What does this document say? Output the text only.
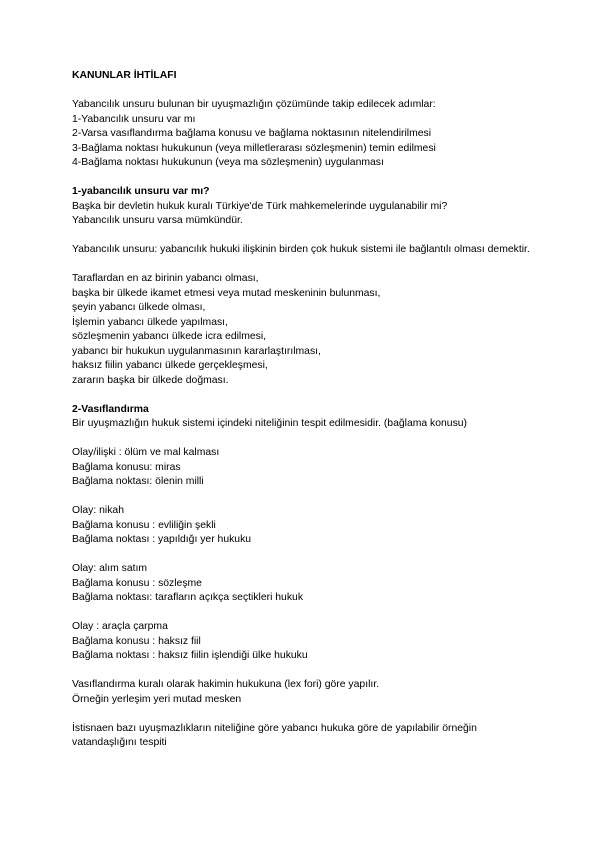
KANUNLAR İHTİLAFI

Yabancılık unsuru bulunan bir uyuşmazlığın çözümünde takip edilecek adımlar:

1-Yabancılık unsuru var mı

2-Varsa vasıflandırma bağlama konusu ve bağlama noktasının nitelendirilmesi

3-Bağlama noktası hukukunun (veya milletlerarası sözleşmenin) temin edilmesi

4-Bağlama noktası hukukunun (veya ma sözleşmenin) uygulanması

1-yabancılık unsuru var mı?

Başka bir devletin hukuk kuralı Türkiye'de Türk mahkemelerinde uygulanabilir mi?

Yabancılık unsuru varsa mümkündür.

Yabancılık unsuru: yabancılık hukuki ilişkinin birden çok hukuk sistemi ile bağlantılı olması demektir.

Taraflardan en az birinin yabancı olması,

başka bir ülkede ikamet etmesi veya mutad meskeninin bulunması,

şeyin yabancı ülkede olması,

İşlemin yabancı ülkede yapılması,

sözleşmenin yabancı ülkede icra edilmesi,

yabancı bir hukukun uygulanmasının kararlaştırılması,

haksız fiilin yabancı ülkede gerçekleşmesi,

zararın başka bir ülkede doğması.

2-Vasıflandırma

Bir uyuşmazlığın hukuk sistemi içindeki niteliğinin tespit edilmesidir. (bağlama konusu)

Olay/ilişki : ölüm ve mal kalması

Bağlama konusu: miras

Bağlama noktası: ölenin milli

Olay: nikah

Bağlama konusu : evliliğin şekli

Bağlama noktası : yapıldığı yer hukuku

Olay: alım satım

Bağlama konusu : sözleşme

Bağlama noktası: tarafların açıkça seçtikleri hukuk

Olay : araçla çarpma

Bağlama konusu : haksız fiil

Bağlama noktası : haksız fiilin işlendiği ülke hukuku

Vasıflandırma kuralı olarak hakimin hukukuna (lex fori) göre yapılır.

Örneğin yerleşim yeri mutad mesken

İstisnaen bazı uyuşmazlıkların niteliğine göre yabancı hukuka göre de yapılabilir örneğin vatandaşlığını tespiti
